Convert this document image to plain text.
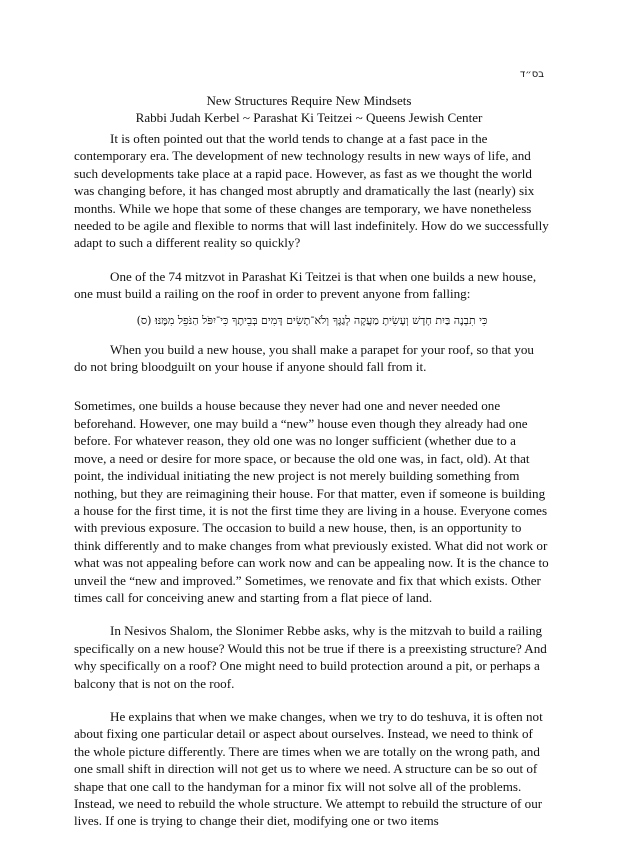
בס״ד
New Structures Require New Mindsets
Rabbi Judah Kerbel ~ Parashat Ki Teitzei ~ Queens Jewish Center

It is often pointed out that the world tends to change at a fast pace in the contemporary era. The development of new technology results in new ways of life, and such developments take place at a rapid pace. However, as fast as we thought the world was changing before, it has changed most abruptly and dramatically the last (nearly) six months. While we hope that some of these changes are temporary, we have nonetheless needed to be agile and flexible to norms that will last indefinitely. How do we successfully adapt to such a different reality so quickly?

One of the 74 mitzvot in Parashat Ki Teitzei is that when one builds a new house, one must build a railing on the roof in order to prevent anyone from falling:

כִּי תִבְנֶה בַּיִת חָדָשׁ וְעָשִׂיתָ מַעֲקֶה לְגַגֶּךָ וְלֹא־תָשִׂים דָּמִים בְּבֵיתֶךָ כִּי־יִפֹּל הַנֹּפֵל מִמֶּנּוּ׃ (ס)

When you build a new house, you shall make a parapet for your roof, so that you do not bring bloodguilt on your house if anyone should fall from it.

Sometimes, one builds a house because they never had one and never needed one beforehand. However, one may build a “new” house even though they already had one before. For whatever reason, they old one was no longer sufficient (whether due to a move, a need or desire for more space, or because the old one was, in fact, old). At that point, the individual initiating the new project is not merely building something from nothing, but they are reimagining their house. For that matter, even if someone is building a house for the first time, it is not the first time they are living in a house. Everyone comes with previous exposure. The occasion to build a new house, then, is an opportunity to think differently and to make changes from what previously existed. What did not work or what was not appealing before can work now and can be appealing now. It is the chance to unveil the “new and improved.” Sometimes, we renovate and fix that which exists. Other times call for conceiving anew and starting from a flat piece of land.

In Nesivos Shalom, the Slonimer Rebbe asks, why is the mitzvah to build a railing specifically on a new house? Would this not be true if there is a preexisting structure? And why specifically on a roof? One might need to build protection around a pit, or perhaps a balcony that is not on the roof.

He explains that when we make changes, when we try to do teshuva, it is often not about fixing one particular detail or aspect about ourselves. Instead, we need to think of the whole picture differently. There are times when we are totally on the wrong path, and one small shift in direction will not get us to where we need. A structure can be so out of shape that one call to the handyman for a minor fix will not solve all of the problems. Instead, we need to rebuild the whole structure. We attempt to rebuild the structure of our lives. If one is trying to change their diet, modifying one or two items
